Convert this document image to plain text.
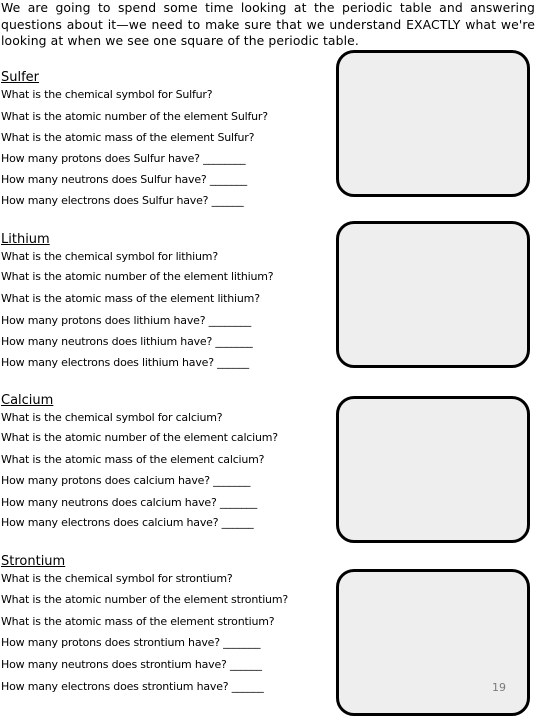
We are going to spend some time looking at the periodic table and answering questions about it—we need to make sure that we understand EXACTLY what we're looking at when we see one square of the periodic table.
Sulfer
What is the chemical symbol for Sulfur?
What is the atomic number of the element Sulfur?
What is the atomic mass of the element Sulfur?
How many protons does Sulfur have? ________
How many neutrons does Sulfur have? _______
How many electrons does Sulfur have? ______
Lithium
What is the chemical symbol for lithium?
What is the atomic number of the element lithium?
What is the atomic mass of the element lithium?
How many protons does lithium have? ________
How many neutrons does lithium have? _______
How many electrons does lithium have? ______
Calcium
What is the chemical symbol for calcium?
What is the atomic number of the element calcium?
What is the atomic mass of the element calcium?
How many protons does calcium have? _______
How many neutrons does calcium have? _______
How many electrons does calcium have? ______
Strontium
What is the chemical symbol for strontium?
What is the atomic number of the element strontium?
What is the atomic mass of the element strontium?
How many protons does strontium have? _______
How many neutrons does strontium have? ______
How many electrons does strontium have? ______	19
